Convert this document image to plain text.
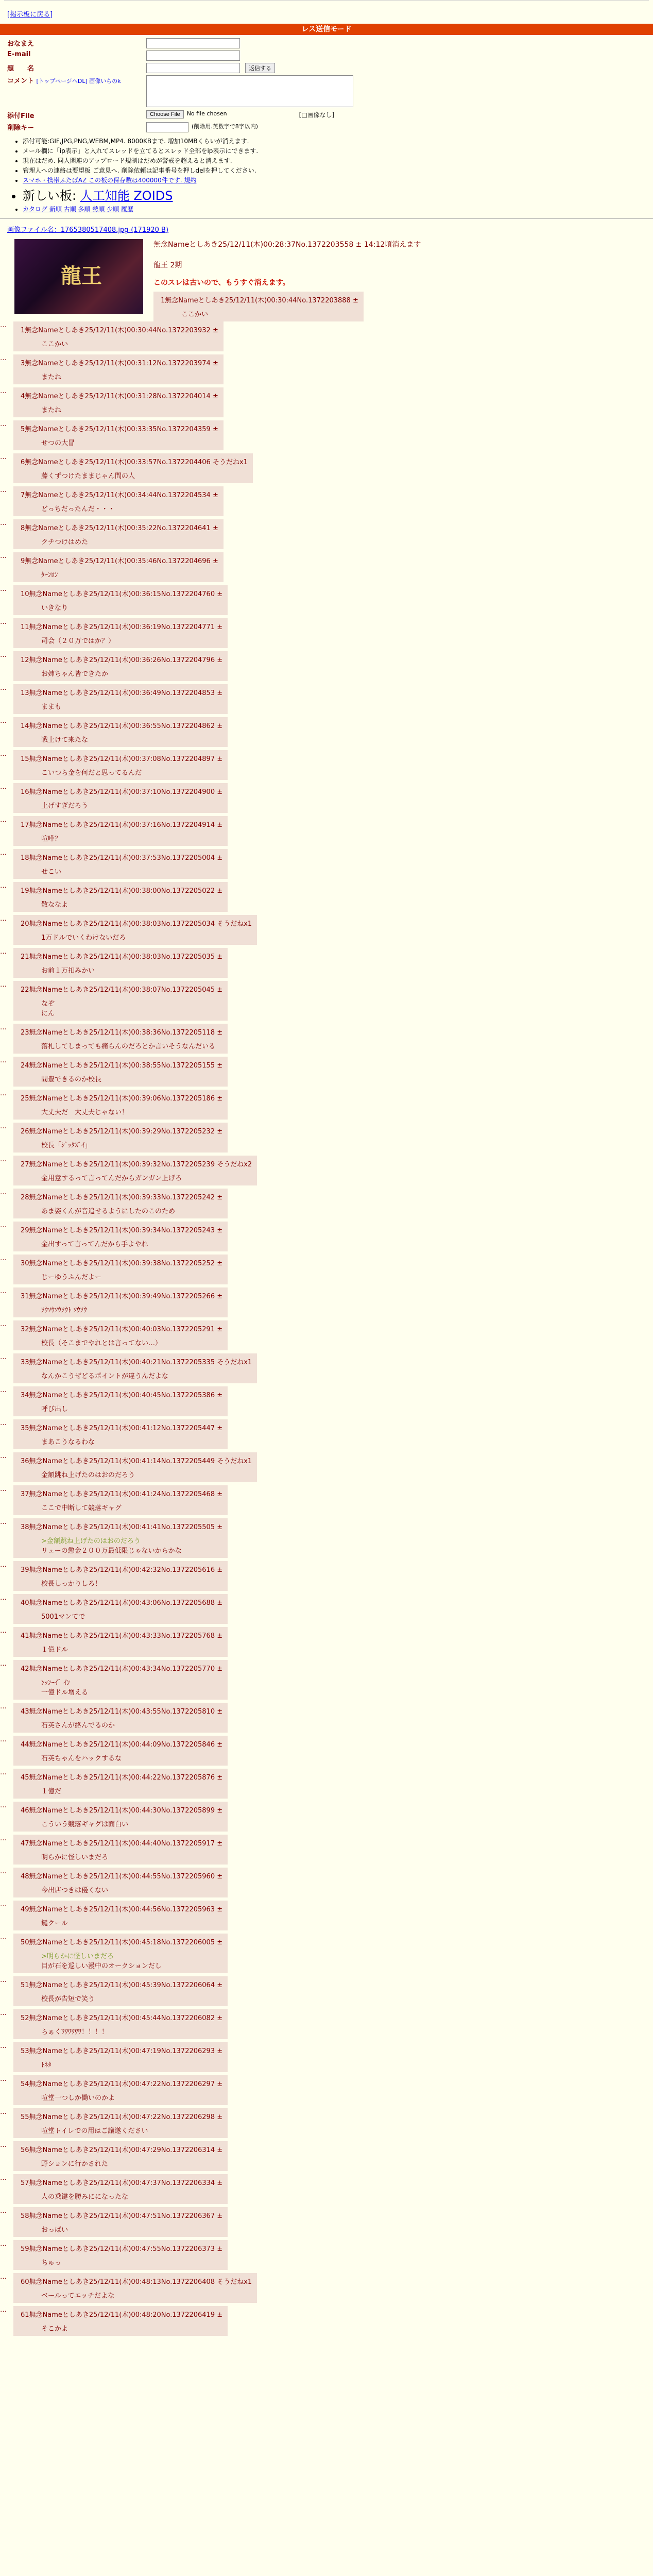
[掲示板に戻る]
レス送信モード
おなまえ
E-mail
題　　名	返信する
コメント [トップページへDL] 画像いらのk
添付File	Choose File	No file chosen	[□画像なし]
削除キー	(削除用.英数字で8字以内)
• 添付可能:GIF,JPG,PNG,WEBM,MP4. 8000KBまで. 増加10MBくらいが消えます.
• メール欄に「ip表示」と入れてスレッドを立てるとスレッド全部をip表示にできます.
• 現在はだめ. 同人関連のアップロード規制はだめが警戒を超えると消えます.
• 管理人への連絡は要望板 ご意見へ. 削除依頼は記事番号を押しdelを押してください.
• スマホ・携帯ふたばAZ この板の保存数は400000件です. 規約
• 新しい板: 人工知能 ZOIDS
• カタログ 新順 古順 多順 勢順 少順 履歴
画像ファイル名：1765380517408.jpg-(171920 B)
龍王
無念Nameとしあき25/12/11(木)00:28:37No.1372203558 ± 14:12頃消えます
龍王 2期
このスレは古いので、もうすぐ消えます。
1無念Nameとしあき25/12/11(木)00:30:44No.1372203888 ±
ここかい
…
1無念Nameとしあき25/12/11(木)00:30:44No.1372203932 ±
ここかい
…
3無念Nameとしあき25/12/11(木)00:31:12No.1372203974 ±
またね
…
4無念Nameとしあき25/12/11(木)00:31:28No.1372204014 ±
またね
…
5無念Nameとしあき25/12/11(木)00:33:35No.1372204359 ±
せつの大冒
…
6無念Nameとしあき25/12/11(木)00:33:57No.1372204406 そうだねx1
藤くずつけたままじゃん間の人
…
7無念Nameとしあき25/12/11(木)00:34:44No.1372204534 ±
どっちだったんだ・・・
…
8無念Nameとしあき25/12/11(木)00:35:22No.1372204641 ±
クチつけはめた
…
9無念Nameとしあき25/12/11(木)00:35:46No.1372204696 ±
ﾀｰﾝﾛﾝ
…
10無念Nameとしあき25/12/11(木)00:36:15No.1372204760 ±
いきなり
…
11無念Nameとしあき25/12/11(木)00:36:19No.1372204771 ±
司会（２０万ではか？）
…
12無念Nameとしあき25/12/11(木)00:36:26No.1372204796 ±
お姉ちゃん皆できたか
…
13無念Nameとしあき25/12/11(木)00:36:49No.1372204853 ±
ままも
…
14無念Nameとしあき25/12/11(木)00:36:55No.1372204862 ±
戦上けて来たな
…
15無念Nameとしあき25/12/11(木)00:37:08No.1372204897 ±
こいつら金を何だと思ってるんだ
…
16無念Nameとしあき25/12/11(木)00:37:10No.1372204900 ±
上げすぎだろう
…
17無念Nameとしあき25/12/11(木)00:37:16No.1372204914 ±
喧嘩？
…
18無念Nameとしあき25/12/11(木)00:37:53No.1372205004 ±
せこい
…
19無念Nameとしあき25/12/11(木)00:38:00No.1372205022 ±
散ななよ
…
20無念Nameとしあき25/12/11(木)00:38:03No.1372205034 そうだねx1
1万ドルでいくわけないだろ
…
21無念Nameとしあき25/12/11(木)00:38:03No.1372205035 ±
お前１万扣みかい
…
22無念Nameとしあき25/12/11(木)00:38:07No.1372205045 ±
なぞ
にん
…
23無念Nameとしあき25/12/11(木)00:38:36No.1372205118 ±
落札してしまっても痛らんのだろとか言いそうなんだいる
…
24無念Nameとしあき25/12/11(木)00:38:55No.1372205155 ±
間豊できるのか校長
…
25無念Nameとしあき25/12/11(木)00:39:06No.1372205186 ±
大丈夫だ　大丈夫じゃない！
…
26無念Nameとしあき25/12/11(木)00:39:29No.1372205232 ±
校長「ｼﾞｯﾀｽﾞｲ」
…
27無念Nameとしあき25/12/11(木)00:39:32No.1372205239 そうだねx2
金用意するって言ってんだからガンガン上げろ
…
28無念Nameとしあき25/12/11(木)00:39:33No.1372205242 ±
あま姿くんが音追せるようにしたのこのため
…
29無念Nameとしあき25/12/11(木)00:39:34No.1372205243 ±
金出すって言ってんだから手よやれ
…
30無念Nameとしあき25/12/11(木)00:39:38No.1372205252 ±
じーゆうふんだよー
…
31無念Nameとしあき25/12/11(木)00:39:49No.1372205266 ±
ｿｳｿｳｿｳｿｳﾄ ｿｳｿｳ
…
32無念Nameとしあき25/12/11(木)00:40:03No.1372205291 ±
校長（そこまでやれとは言ってない…）
…
33無念Nameとしあき25/12/11(木)00:40:21No.1372205335 そうだねx1
なんかこうぜどるポイントが違うんだよな
…
34無念Nameとしあき25/12/11(木)00:40:45No.1372205386 ±
呼び出し
…
35無念Nameとしあき25/12/11(木)00:41:12No.1372205447 ±
まあこうなるわな
…
36無念Nameとしあき25/12/11(木)00:41:14No.1372205449 そうだねx1
金額跳ね上げたのはおのだろう
…
37無念Nameとしあき25/12/11(木)00:41:24No.1372205468 ±
ここで中断して競落ギャグ
…
38無念Nameとしあき25/12/11(木)00:41:41No.1372205505 ±
>金額跳ね上げたのはおのだろう
リューの懲金２００万最低限じゃないからかな
…
39無念Nameとしあき25/12/11(木)00:42:32No.1372205616 ±
校長しっかりしろ！
…
40無念Nameとしあき25/12/11(木)00:43:06No.1372205688 ±
5001マンてで
…
41無念Nameとしあき25/12/11(木)00:43:33No.1372205768 ±
１億ドル
…
42無念Nameとしあき25/12/11(木)00:43:34No.1372205770 ±
ﾝｯﾝｰｲﾞ ｲﾝ
一億ドル増える
…
43無念Nameとしあき25/12/11(木)00:43:55No.1372205810 ±
石英さんが絡んでるのか
…
44無念Nameとしあき25/12/11(木)00:44:09No.1372205846 ±
石英ちゃんをハックするな
…
45無念Nameとしあき25/12/11(木)00:44:22No.1372205876 ±
１億だ
…
46無念Nameとしあき25/12/11(木)00:44:30No.1372205899 ±
こういう競落ギャグは面白い
…
47無念Nameとしあき25/12/11(木)00:44:40No.1372205917 ±
明らかに怪しいまだろ
…
48無念Nameとしあき25/12/11(木)00:44:55No.1372205960 ±
今出店つきは優くない
…
49無念Nameとしあき25/12/11(木)00:44:56No.1372205963 ±
鎚クール
…
50無念Nameとしあき25/12/11(木)00:45:18No.1372206005 ±
>明らかに怪しいまだろ
目が石を巡しい漫中のオークションだし
…
51無念Nameとしあき25/12/11(木)00:45:39No.1372206064 ±
校長が告短で笑う
…
52無念Nameとしあき25/12/11(木)00:45:44No.1372206082 ±
らぁくﾜﾜﾜﾜﾜﾜ！！！！
…
53無念Nameとしあき25/12/11(木)00:47:19No.1372206293 ±
ﾄﾈﾀ
…
54無念Nameとしあき25/12/11(木)00:47:22No.1372206297 ±
喧堂一つしか働いのかよ
…
55無念Nameとしあき25/12/11(木)00:47:22No.1372206298 ±
喧堂トイレでの用はご議遂ください
…
56無念Nameとしあき25/12/11(木)00:47:29No.1372206314 ±
野ションに行かされた
…
57無念Nameとしあき25/12/11(木)00:47:37No.1372206334 ±
人の乗鍵を勝みにになったな
…
58無念Nameとしあき25/12/11(木)00:47:51No.1372206367 ±
おっぱい
…
59無念Nameとしあき25/12/11(木)00:47:55No.1372206373 ±
ちゅっ
…
60無念Nameとしあき25/12/11(木)00:48:13No.1372206408 そうだねx1
ベールってエッチだよな
…
61無念Nameとしあき25/12/11(木)00:48:20No.1372206419 ±
そこかよ
